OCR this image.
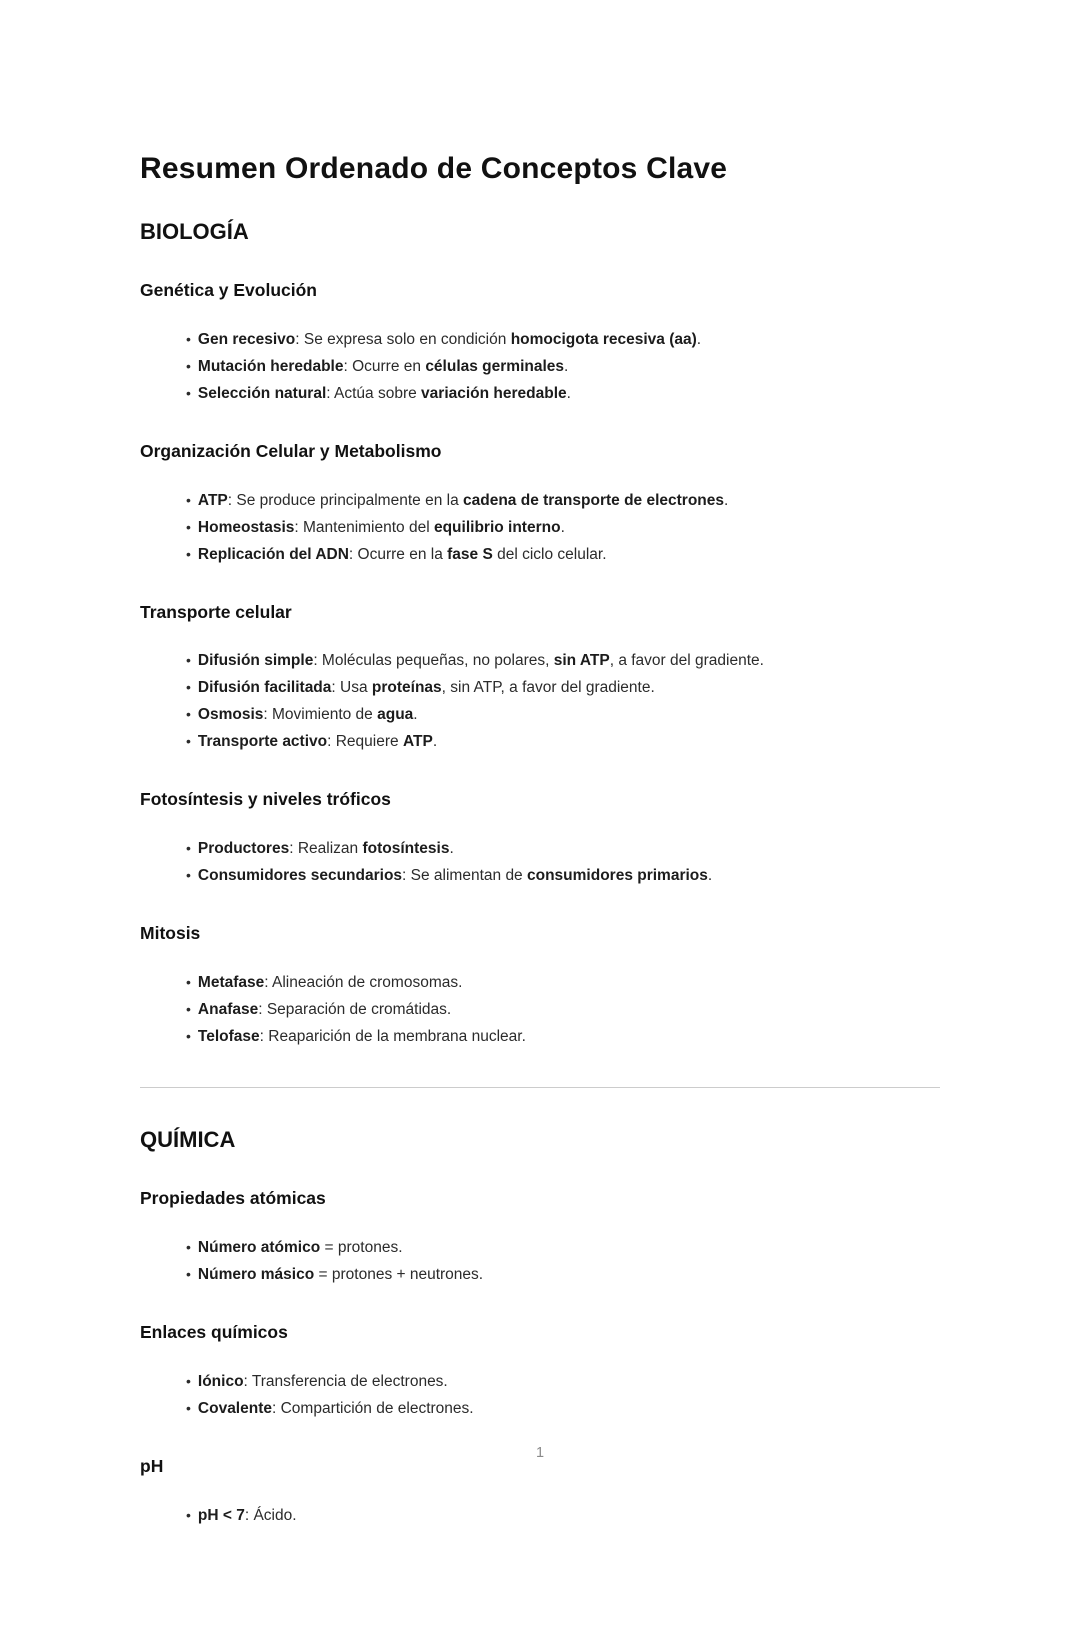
Resumen Ordenado de Conceptos Clave
BIOLOGÍA
Genética y Evolución
• Gen recesivo: Se expresa solo en condición homocigota recesiva (aa).
• Mutación heredable: Ocurre en células germinales.
• Selección natural: Actúa sobre variación heredable.
Organización Celular y Metabolismo
• ATP: Se produce principalmente en la cadena de transporte de electrones.
• Homeostasis: Mantenimiento del equilibrio interno.
• Replicación del ADN: Ocurre en la fase S del ciclo celular.
Transporte celular
• Difusión simple: Moléculas pequeñas, no polares, sin ATP, a favor del gradiente.
• Difusión facilitada: Usa proteínas, sin ATP, a favor del gradiente.
• Osmosis: Movimiento de agua.
• Transporte activo: Requiere ATP.
Fotosíntesis y niveles tróficos
• Productores: Realizan fotosíntesis.
• Consumidores secundarios: Se alimentan de consumidores primarios.
Mitosis
• Metafase: Alineación de cromosomas.
• Anafase: Separación de cromátidas.
• Telofase: Reaparición de la membrana nuclear.
QUÍMICA
Propiedades atómicas
• Número atómico = protones.
• Número másico = protones + neutrones.
Enlaces químicos
• Iónico: Transferencia de electrones.
• Covalente: Compartición de electrones.
pH
• pH < 7: Ácido.
1
